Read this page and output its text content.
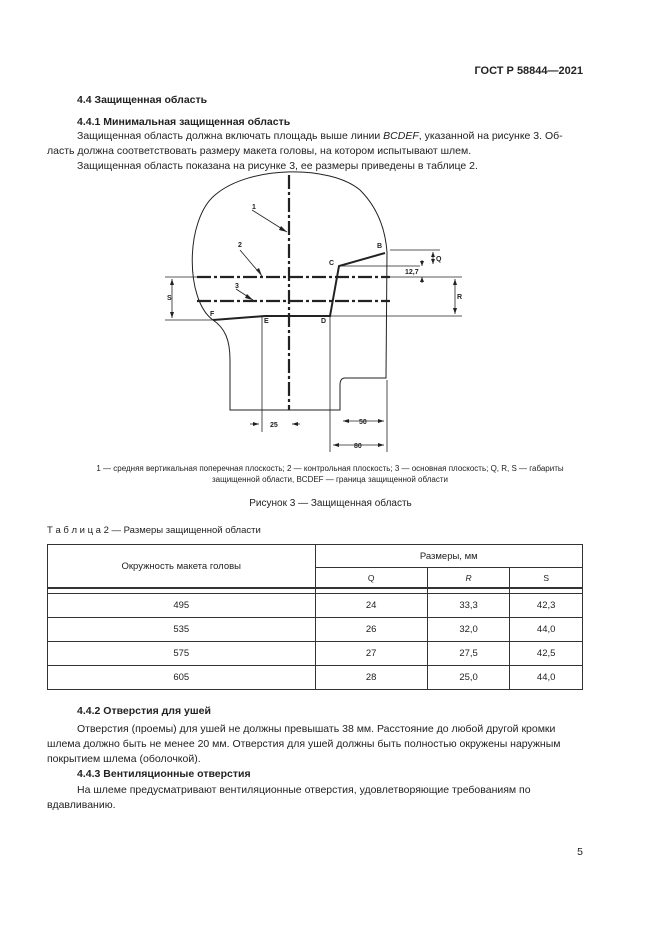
ГОСТ Р 58844—2021
4.4 Защищенная область
4.4.1 Минимальная защищенная область
Защищенная область должна включать площадь выше линии BCDEF, указанной на рисунке 3. Об-
ласть должна соответствовать размеру макета головы, на котором испытывают шлем.
Защищенная область показана на рисунке 3, ее размеры приведены в таблице 2.
1
2
3
B
C
D
E
F
Q
R
S
12,7
25	50
80
1 — средняя вертикальная поперечная плоскость; 2 — контрольная плоскость; 3 — основная плоскость; Q, R, S — габариты
защищенной области, BCDEF — граница защищенной области
Рисунок 3 — Защищенная область
Т а б л и ц а 2 — Размеры защищенной области
Окружность макета головы	Размеры, мм		
	Q	R	S

495	24	33,3	42,3
535	26	32,0	44,0
575	27	27,5	42,5
605	28	25,0	44,0
4.4.2 Отверстия для ушей
Отверстия (проемы) для ушей не должны превышать 38 мм. Расстояние до любой другой кромки
шлема должно быть не менее 20 мм. Отверстия для ушей должны быть полностью окружены наружным
покрытием шлема (оболочкой).
4.4.3 Вентиляционные отверстия
На шлеме предусматривают вентиляционные отверстия, удовлетворяющие требованиям по
вдавливанию.
5
